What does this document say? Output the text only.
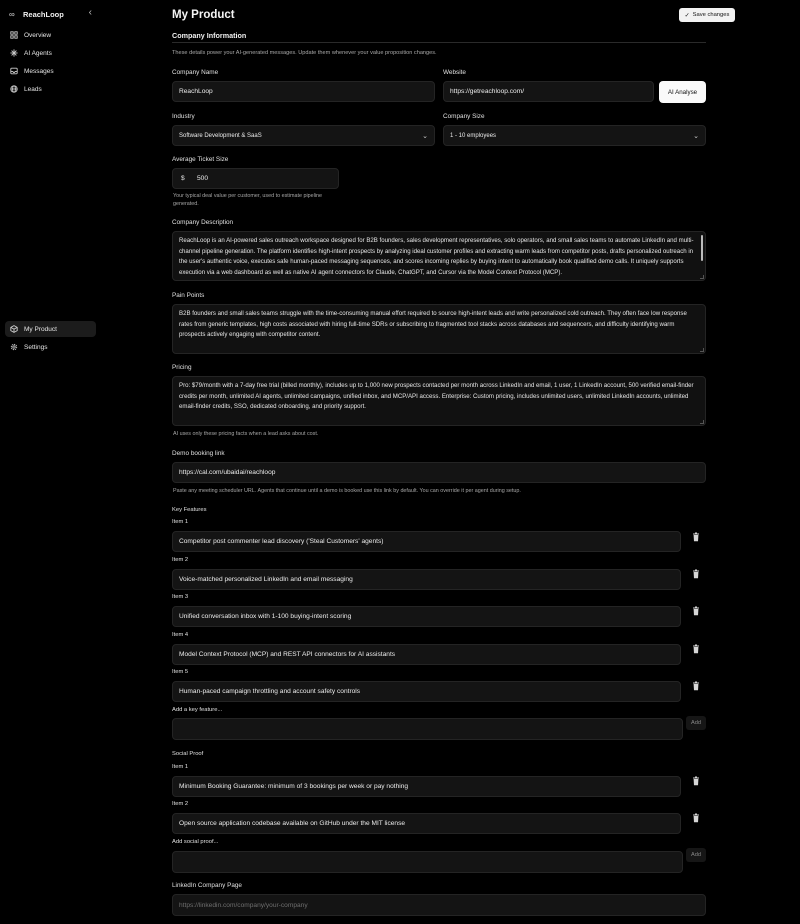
∞	ReachLoop ‹
Overview
AI Agents
Messages
Leads
My Product
Settings
My Product	✓ Save changes
Company Information
These details power your AI-generated messages. Update them whenever your value proposition changes.
Company Name
ReachLoop
Website
https://getreachloop.com/	AI Analyse
Industry
Software Development & SaaS	⌄
Company Size
1 - 10 employees	⌄
Average Ticket Size
$ 500
Your typical deal value per customer, used to estimate pipeline generated.
Company Description
ReachLoop is an AI-powered sales outreach workspace designed for B2B founders, sales development representatives, solo operators, and small sales teams to automate LinkedIn and multi-channel pipeline generation. The platform identifies high-intent prospects by analyzing ideal customer profiles and extracting warm leads from competitor posts, drafts personalized outreach in the user's authentic voice, executes safe human-paced messaging sequences, and scores incoming replies by buying intent to automatically book qualified demo calls. It uniquely supports execution via a web dashboard as well as native AI agent connectors for Claude, ChatGPT, and Cursor via the Model Context Protocol (MCP).
Pain Points
B2B founders and small sales teams struggle with the time-consuming manual effort required to source high-intent leads and write personalized cold outreach. They often face low response rates from generic templates, high costs associated with hiring full-time SDRs or subscribing to fragmented tool stacks across databases and sequencers, and difficulty identifying warm prospects actively engaging with competitor content.
Pricing
Pro: $79/month with a 7-day free trial (billed monthly), includes up to 1,000 new prospects contacted per month across LinkedIn and email, 1 user, 1 LinkedIn account, 500 verified email-finder credits per month, unlimited AI agents, unlimited campaigns, unified inbox, and MCP/API access. Enterprise: Custom pricing, includes unlimited users, unlimited LinkedIn accounts, unlimited email-finder credits, SSO, dedicated onboarding, and priority support.
AI uses only these pricing facts when a lead asks about cost.
Demo booking link
https://cal.com/ubaidai/reachloop
Paste any meeting scheduler URL. Agents that continue until a demo is booked use this link by default. You can override it per agent during setup.
Key Features
Item 1
Competitor post commenter lead discovery ('Steal Customers' agents)
Item 2
Voice-matched personalized LinkedIn and email messaging
Item 3
Unified conversation inbox with 1-100 buying-intent scoring
Item 4
Model Context Protocol (MCP) and REST API connectors for AI assistants
Item 5
Human-paced campaign throttling and account safety controls
Add a key feature...
Add
Social Proof
Item 1
Minimum Booking Guarantee: minimum of 3 bookings per week or pay nothing
Item 2
Open source application codebase available on GitHub under the MIT license
Add social proof...
Add
LinkedIn Company Page
https://linkedin.com/company/your-company
